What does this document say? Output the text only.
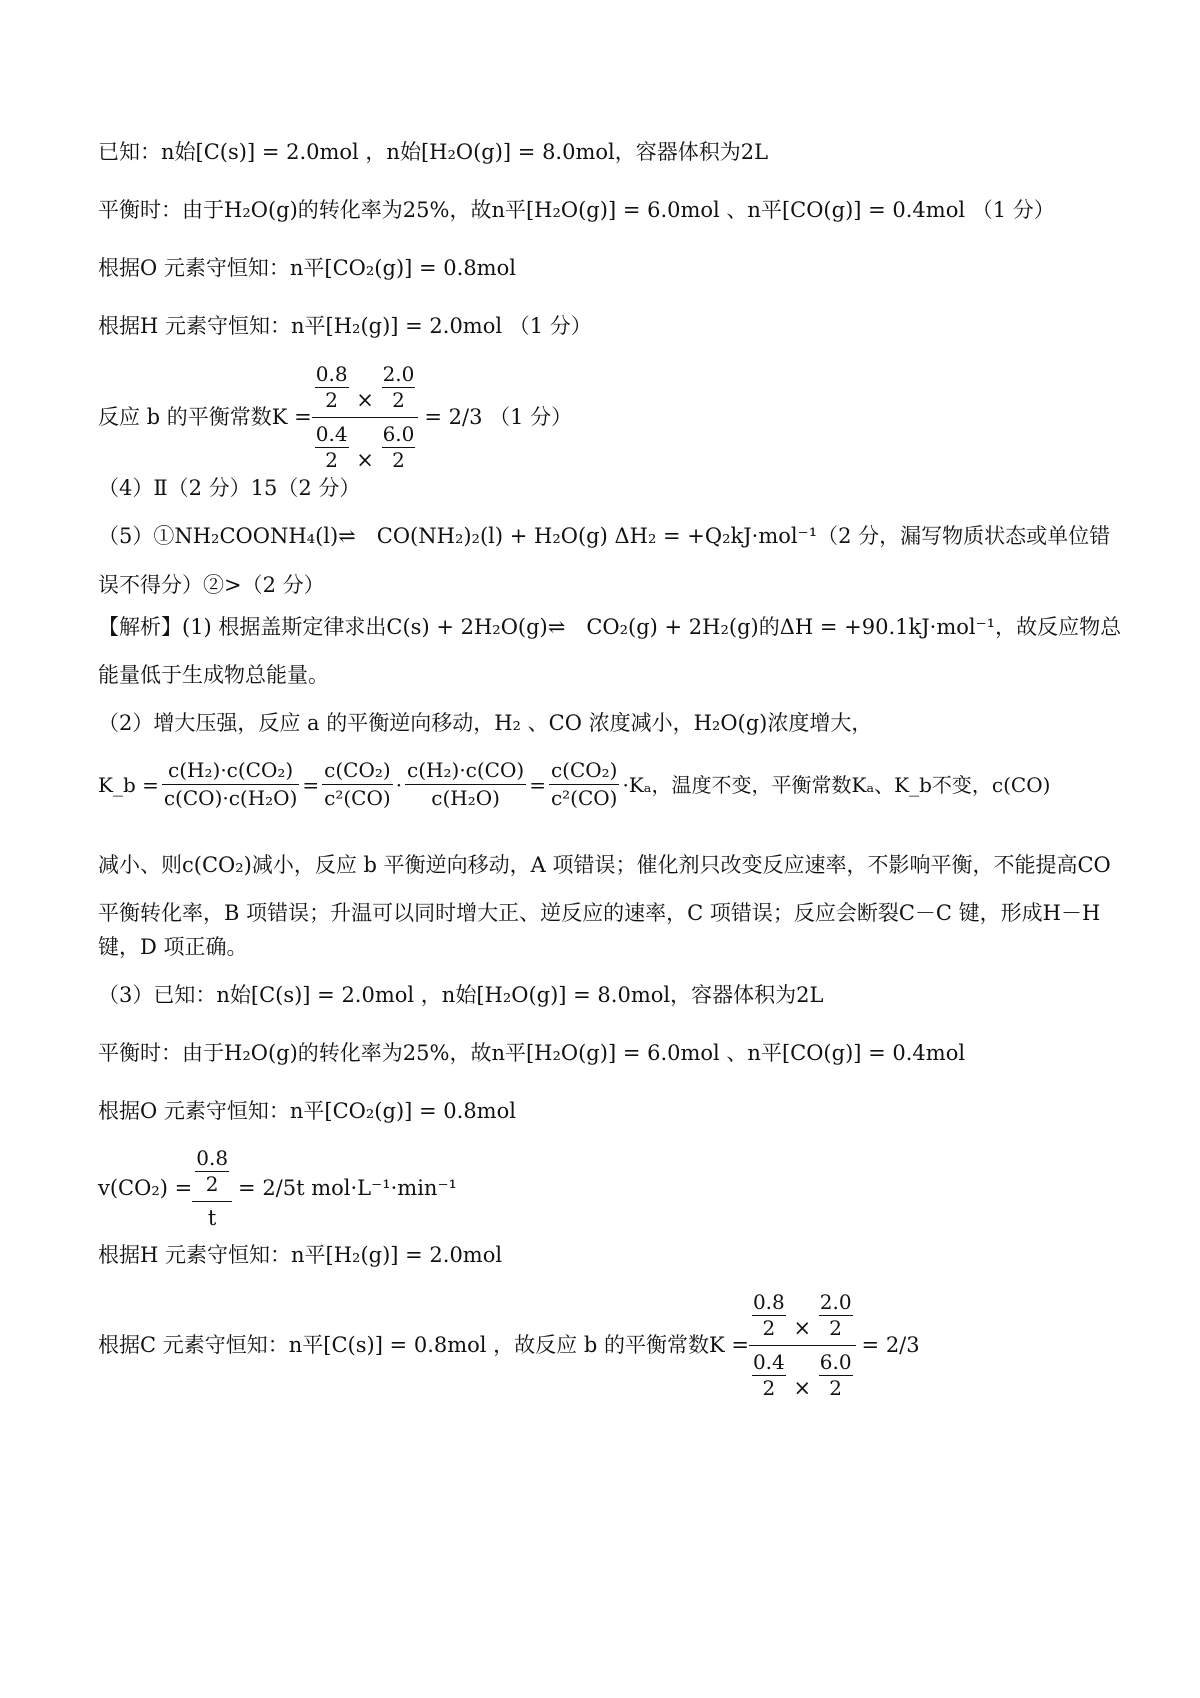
已知：n始[C(s)] = 2.0mol ，n始[H₂O(g)] = 8.0mol，容器体积为2L
平衡时：由于H₂O(g)的转化率为25%，故n平[H₂O(g)] = 6.0mol 、n平[CO(g)] = 0.4mol （1 分）
根据O 元素守恒知：n平[CO₂(g)] = 0.8mol
根据H 元素守恒知：n平[H₂(g)] = 2.0mol （1 分）
反应 b 的平衡常数$K = \frac{\frac{0.8}{2} \times \frac{2.0}{2}}{\frac{0.4}{2} \times \frac{6.0}{2}} = 2/3$ （1 分）
（4）Ⅱ（2 分）15（2 分）
（5）①NH₂COONH₄(l)⇌　CO(NH₂)₂(l) + H₂O(g) ΔH₂ = +Q₂kJ·mol⁻¹（2 分，漏写物质状态或单位错
误不得分）②>（2 分）
【解析】(1) 根据盖斯定律求出C(s) + 2H₂O(g)⇌　CO₂(g) + 2H₂(g)的ΔH = +90.1kJ·mol⁻¹，故反应物总
能量低于生成物总能量。
（2）增大压强，反应 a 的平衡逆向移动，H₂ 、CO 浓度减小，H₂O(g)浓度增大，
K_b = $\frac{\text{c(H₂)·c(CO₂)}}{\text{c(CO)·c(H₂O)}} = \frac{\text{c(CO₂)}}{\text{c²(CO)}} \cdot \frac{\text{c(H₂)·c(CO)}}{\text{c(H₂O)}} = \frac{\text{c(CO₂)}}{\text{c²(CO)}} \cdot K_a$， 温度不变，平衡常数Kₐ、K_b不变，c(CO)
减小、则c(CO₂)减小，反应 b 平衡逆向移动，A 项错误；催化剂只改变反应速率，不影响平衡，不能提高CO
平衡转化率，B 项错误；升温可以同时增大正、逆反应的速率，C 项错误；反应会断裂C－C 键，形成H－H
键，D 项正确。
（3）已知：n始[C(s)] = 2.0mol ，n始[H₂O(g)] = 8.0mol，容器体积为2L
平衡时：由于H₂O(g)的转化率为25%，故n平[H₂O(g)] = 6.0mol 、n平[CO(g)] = 0.4mol
根据O 元素守恒知：n平[CO₂(g)] = 0.8mol
$v(CO_2) = \frac{\frac{0.8}{2}}{t} = 2/5t$ mol·L⁻¹·min⁻¹
根据H 元素守恒知：n平[H₂(g)] = 2.0mol
根据C 元素守恒知：n平[C(s)] = 0.8mol ，故反应 b 的平衡常数$K = \frac{\frac{0.8}{2} \times \frac{2.0}{2}}{\frac{0.4}{2} \times \frac{6.0}{2}} = 2/3$
